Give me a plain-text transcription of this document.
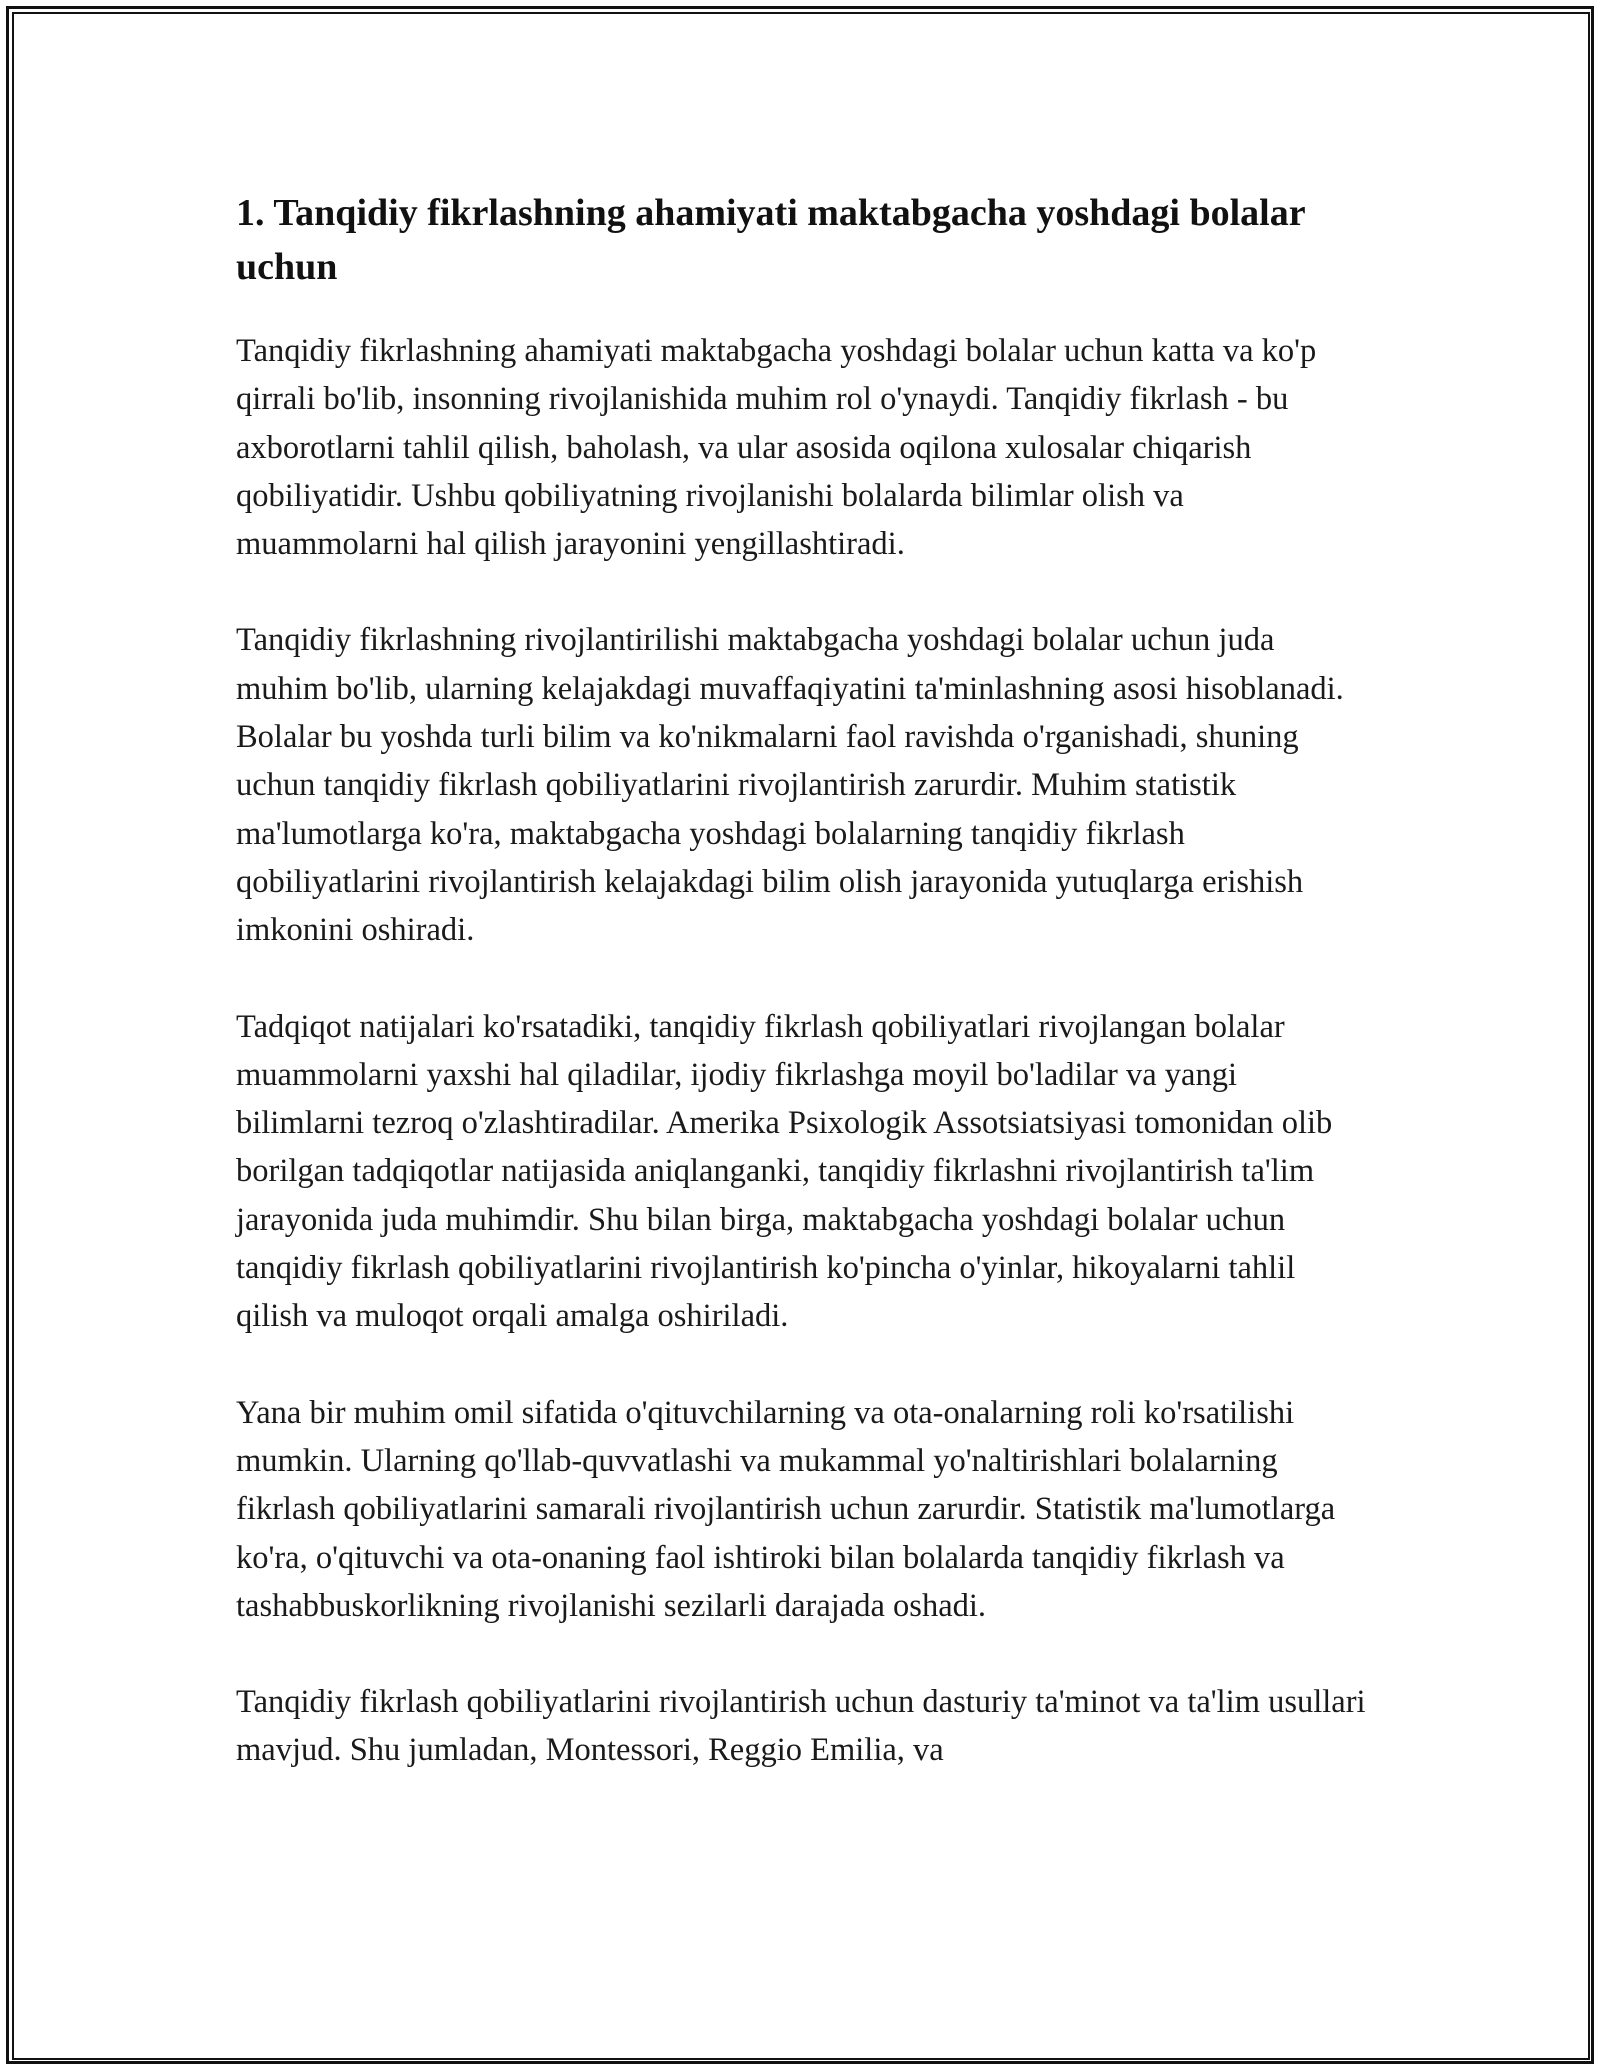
1. Tanqidiy fikrlashning ahamiyati maktabgacha yoshdagi bolalar uchun

Tanqidiy fikrlashning ahamiyati maktabgacha yoshdagi bolalar uchun katta va ko'p qirrali bo'lib, insonning rivojlanishida muhim rol o'ynaydi. Tanqidiy fikrlash - bu axborotlarni tahlil qilish, baholash, va ular asosida oqilona xulosalar chiqarish qobiliyatidir. Ushbu qobiliyatning rivojlanishi bolalarda bilimlar olish va muammolarni hal qilish jarayonini yengillashtiradi.

Tanqidiy fikrlashning rivojlantirilishi maktabgacha yoshdagi bolalar uchun juda muhim bo'lib, ularning kelajakdagi muvaffaqiyatini ta'minlashning asosi hisoblanadi. Bolalar bu yoshda turli bilim va ko'nikmalarni faol ravishda o'rganishadi, shuning uchun tanqidiy fikrlash qobiliyatlarini rivojlantirish zarurdir. Muhim statistik ma'lumotlarga ko'ra, maktabgacha yoshdagi bolalarning tanqidiy fikrlash qobiliyatlarini rivojlantirish kelajakdagi bilim olish jarayonida yutuqlarga erishish imkonini oshiradi.

Tadqiqot natijalari ko'rsatadiki, tanqidiy fikrlash qobiliyatlari rivojlangan bolalar muammolarni yaxshi hal qiladilar, ijodiy fikrlashga moyil bo'ladilar va yangi bilimlarni tezroq o'zlashtiradilar. Amerika Psixologik Assotsiatsiyasi tomonidan olib borilgan tadqiqotlar natijasida aniqlanganki, tanqidiy fikrlashni rivojlantirish ta'lim jarayonida juda muhimdir. Shu bilan birga, maktabgacha yoshdagi bolalar uchun tanqidiy fikrlash qobiliyatlarini rivojlantirish ko'pincha o'yinlar, hikoyalarni tahlil qilish va muloqot orqali amalga oshiriladi.

Yana bir muhim omil sifatida o'qituvchilarning va ota-onalarning roli ko'rsatilishi mumkin. Ularning qo'llab-quvvatlashi va mukammal yo'naltirishlari bolalarning fikrlash qobiliyatlarini samarali rivojlantirish uchun zarurdir. Statistik ma'lumotlarga ko'ra, o'qituvchi va ota-onaning faol ishtiroki bilan bolalarda tanqidiy fikrlash va tashabbuskorlikning rivojlanishi sezilarli darajada oshadi.

Tanqidiy fikrlash qobiliyatlarini rivojlantirish uchun dasturiy ta'minot va ta'lim usullari mavjud. Shu jumladan, Montessori, Reggio Emilia, va
